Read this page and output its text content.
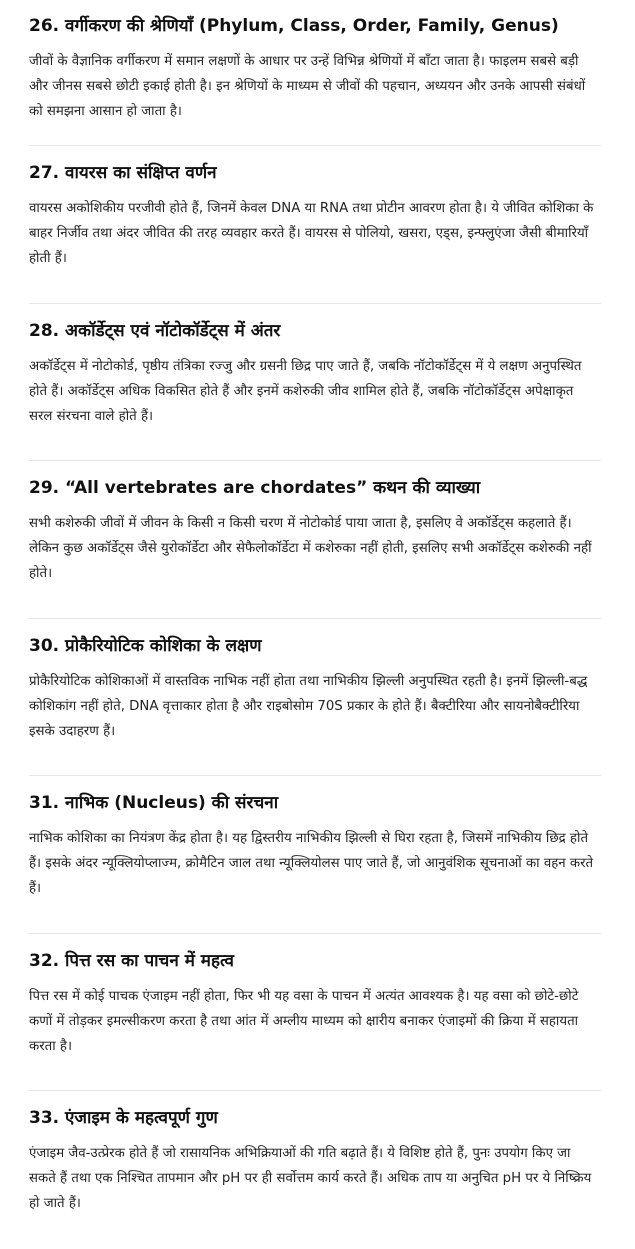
26. वर्गीकरण की श्रेणियाँ (Phylum, Class, Order, Family, Genus)

जीवों के वैज्ञानिक वर्गीकरण में समान लक्षणों के आधार पर उन्हें विभिन्न श्रेणियों में बाँटा जाता है। फाइलम सबसे बड़ी और जीनस सबसे छोटी इकाई होती है। इन श्रेणियों के माध्यम से जीवों की पहचान, अध्ययन और उनके आपसी संबंधों को समझना आसान हो जाता है।

27. वायरस का संक्षिप्त वर्णन

वायरस अकोशिकीय परजीवी होते हैं, जिनमें केवल DNA या RNA तथा प्रोटीन आवरण होता है। ये जीवित कोशिका के बाहर निर्जीव तथा अंदर जीवित की तरह व्यवहार करते हैं। वायरस से पोलियो, खसरा, एड्स, इन्फ्लुएंजा जैसी बीमारियाँ होती हैं।

28. अकॉर्डेट्स एवं नॉटोकॉर्डेट्स में अंतर

अकॉर्डेट्स में नोटोकोर्ड, पृष्ठीय तंत्रिका रज्जु और ग्रसनी छिद्र पाए जाते हैं, जबकि नॉटोकॉर्डेट्स में ये लक्षण अनुपस्थित होते हैं। अकॉर्डेट्स अधिक विकसित होते हैं और इनमें कशेरुकी जीव शामिल होते हैं, जबकि नॉटोकॉर्डेट्स अपेक्षाकृत सरल संरचना वाले होते हैं।

29. “All vertebrates are chordates” कथन की व्याख्या

सभी कशेरुकी जीवों में जीवन के किसी न किसी चरण में नोटोकोर्ड पाया जाता है, इसलिए वे अकॉर्डेट्स कहलाते हैं। लेकिन कुछ अकॉर्डेट्स जैसे युरोकॉर्डेटा और सेफैलोकॉर्डेटा में कशेरुका नहीं होती, इसलिए सभी अकॉर्डेट्स कशेरुकी नहीं होते।

30. प्रोकैरियोटिक कोशिका के लक्षण

प्रोकैरियोटिक कोशिकाओं में वास्तविक नाभिक नहीं होता तथा नाभिकीय झिल्ली अनुपस्थित रहती है। इनमें झिल्ली-बद्ध कोशिकांग नहीं होते, DNA वृत्ताकार होता है और राइबोसोम 70S प्रकार के होते हैं। बैक्टीरिया और सायनोबैक्टीरिया इसके उदाहरण हैं।

31. नाभिक (Nucleus) की संरचना

नाभिक कोशिका का नियंत्रण केंद्र होता है। यह द्विस्तरीय नाभिकीय झिल्ली से घिरा रहता है, जिसमें नाभिकीय छिद्र होते हैं। इसके अंदर न्यूक्लियोप्लाज्म, क्रोमैटिन जाल तथा न्यूक्लियोलस पाए जाते हैं, जो आनुवंशिक सूचनाओं का वहन करते हैं।

32. पित्त रस का पाचन में महत्व

पित्त रस में कोई पाचक एंजाइम नहीं होता, फिर भी यह वसा के पाचन में अत्यंत आवश्यक है। यह वसा को छोटे-छोटे कणों में तोड़कर इमल्सीकरण करता है तथा आंत में अम्लीय माध्यम को क्षारीय बनाकर एंजाइमों की क्रिया में सहायता करता है।

33. एंजाइम के महत्वपूर्ण गुण

एंजाइम जैव-उत्प्रेरक होते हैं जो रासायनिक अभिक्रियाओं की गति बढ़ाते हैं। ये विशिष्ट होते हैं, पुनः उपयोग किए जा सकते हैं तथा एक निश्चित तापमान और pH पर ही सर्वोत्तम कार्य करते हैं। अधिक ताप या अनुचित pH पर ये निष्क्रिय हो जाते हैं।
